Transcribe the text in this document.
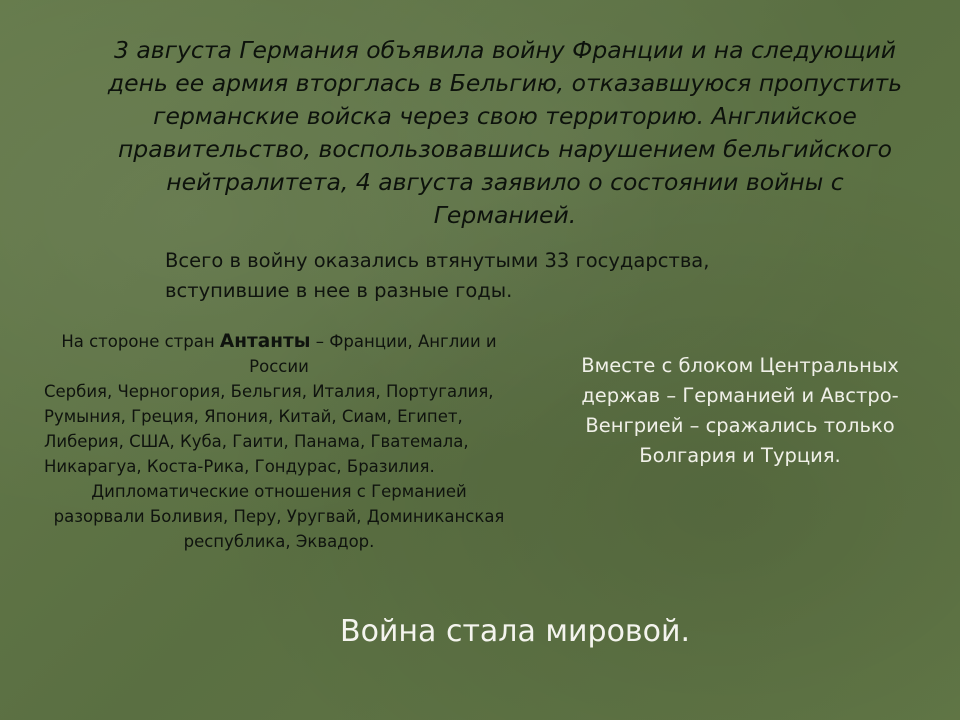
3 августа Германия объявила войну Франции и на следующий день ее армия вторглась в Бельгию, отказавшуюся пропустить германские войска через свою территорию. Английское правительство, воспользовавшись нарушением бельгийского нейтралитета, 4 августа заявило о состоянии войны с Германией.
Всего в войну оказались втянутыми 33 государства, вступившие в нее в разные годы.
На стороне стран Антанты – Франции, Англии и России
Сербия, Черногория, Бельгия, Италия, Португалия, Румыния, Греция, Япония, Китай, Сиам, Египет, Либерия, США, Куба, Гаити, Панама, Гватемала, Никарагуа, Коста-Рика, Гондурас, Бразилия.
Дипломатические отношения с Германией разорвали Боливия, Перу, Уругвай, Доминиканская республика, Эквадор.
Вместе с блоком Центральных держав – Германией и Австро-Венгрией – сражались только Болгария и Турция.
Война стала мировой.
